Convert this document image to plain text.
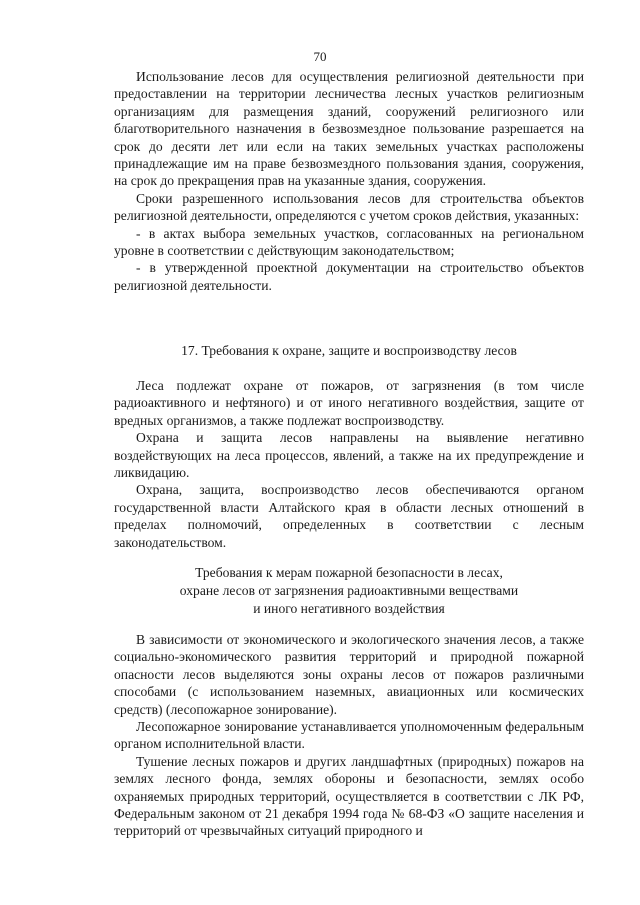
70

Использование лесов для осуществления религиозной деятельности при предоставлении на территории лесничества лесных участков религиозным организациям для размещения зданий, сооружений религиозного или благотворительного назначения в безвозмездное пользование разрешается на срок до десяти лет или если на таких земельных участках расположены принадлежащие им на праве безвозмездного пользования здания, сооружения, на срок до прекращения прав на указанные здания, сооружения.

Сроки разрешенного использования лесов для строительства объектов религиозной деятельности, определяются с учетом сроков действия, указанных:

- в актах выбора земельных участков, согласованных на региональном уровне в соответствии с действующим законодательством;

- в утвержденной проектной документации на строительство объектов религиозной деятельности.

17. Требования к охране, защите и воспроизводству лесов

Леса подлежат охране от пожаров, от загрязнения (в том числе радиоактивного и нефтяного) и от иного негативного воздействия, защите от вредных организмов, а также подлежат воспроизводству.

Охрана и защита лесов направлены на выявление негативно воздействующих на леса процессов, явлений, а также на их предупреждение и ликвидацию.

Охрана, защита, воспроизводство лесов обеспечиваются органом государственной власти Алтайского края в области лесных отношений в пределах полномочий, определенных в соответствии с лесным законодательством.

Требования к мерам пожарной безопасности в лесах,
охране лесов от загрязнения радиоактивными веществами
и иного негативного воздействия

В зависимости от экономического и экологического значения лесов, а также социально-экономического развития территорий и природной пожарной опасности лесов выделяются зоны охраны лесов от пожаров различными способами (с использованием наземных, авиационных или космических средств) (лесопожарное зонирование).

Лесопожарное зонирование устанавливается уполномоченным федеральным органом исполнительной власти.

Тушение лесных пожаров и других ландшафтных (природных) пожаров на землях лесного фонда, землях обороны и безопасности, землях особо охраняемых природных территорий, осуществляется в соответствии с ЛК РФ, Федеральным законом от 21 декабря 1994 года № 68-ФЗ «О защите населения и территорий от чрезвычайных ситуаций природного и
